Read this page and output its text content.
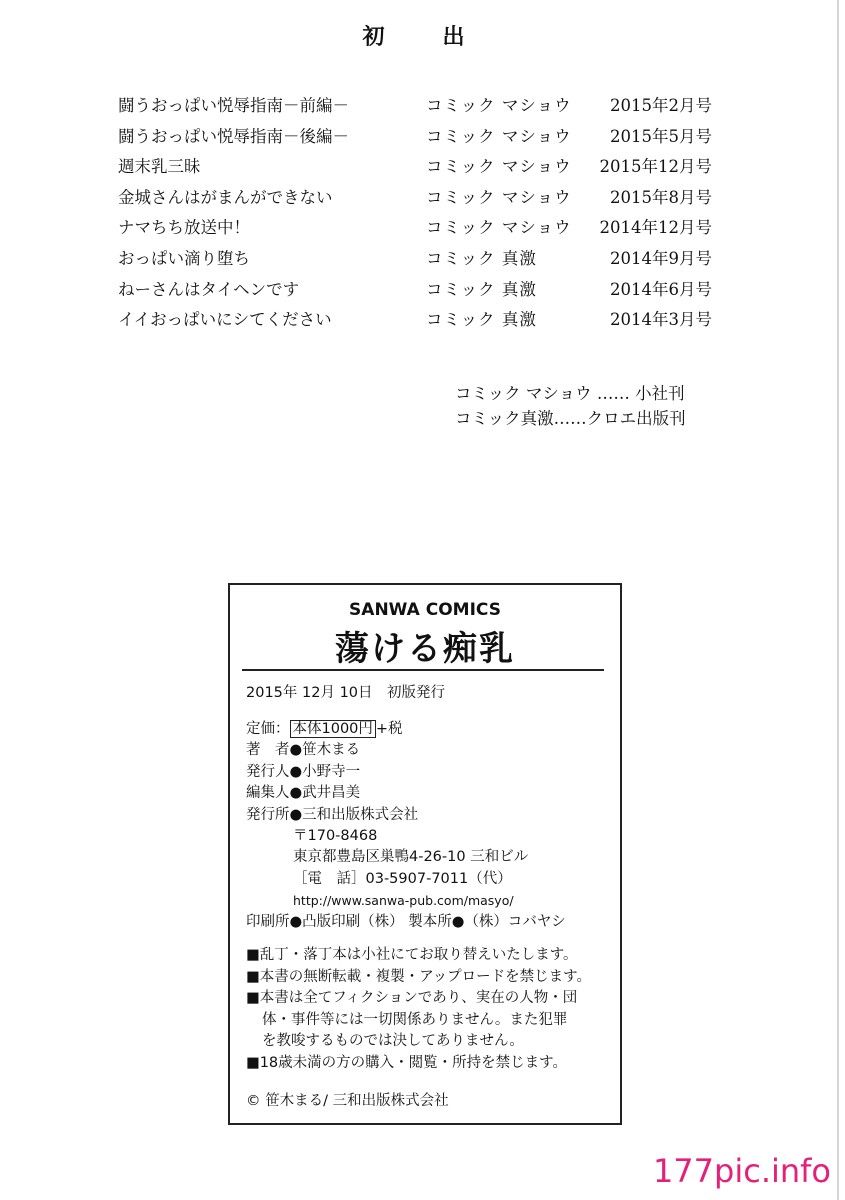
初　出
闘うおっぱい悦辱指南－前編－	コミック マショウ 2015年2月号
闘うおっぱい悦辱指南－後編－	コミック マショウ 2015年5月号
週末乳三昧	コミック マショウ 2015年12月号
金城さんはがまんができない	コミック マショウ 2015年8月号
ナマちち放送中！	コミック マショウ 2014年12月号
おっぱい滴り堕ち	コミック 真激	2014年9月号
ねーさんはタイヘンです	コミック 真激	2014年6月号
イイおっぱいにシてください	コミック 真激	2014年3月号
コミック マショウ …… 小社刊
コミック真激……クロエ出版刊
SANWA COMICS
蕩ける痴乳
2015年 12月 10日　初版発行
定価： 本体1000円 +税
著　者●笹木まる
発行人●小野寺一
編集人●武井昌美
発行所●三和出版株式会社
〒170-8468
東京都豊島区巣鴨4-26-10 三和ビル
［電　話］03-5907-7011（代）
http://www.sanwa-pub.com/masyo/
印刷所●凸版印刷（株） 製本所●（株）コバヤシ
■乱丁・落丁本は小社にてお取り替えいたします。
■本書の無断転載・複製・アップロードを禁じます。
■本書は全てフィクションであり、実在の人物・団
体・事件等には一切関係ありません。また犯罪
を教唆するものでは決してありません。
■18歳未満の方の購入・閲覧・所持を禁じます。
© 笹木まる/ 三和出版株式会社
177pic.info
